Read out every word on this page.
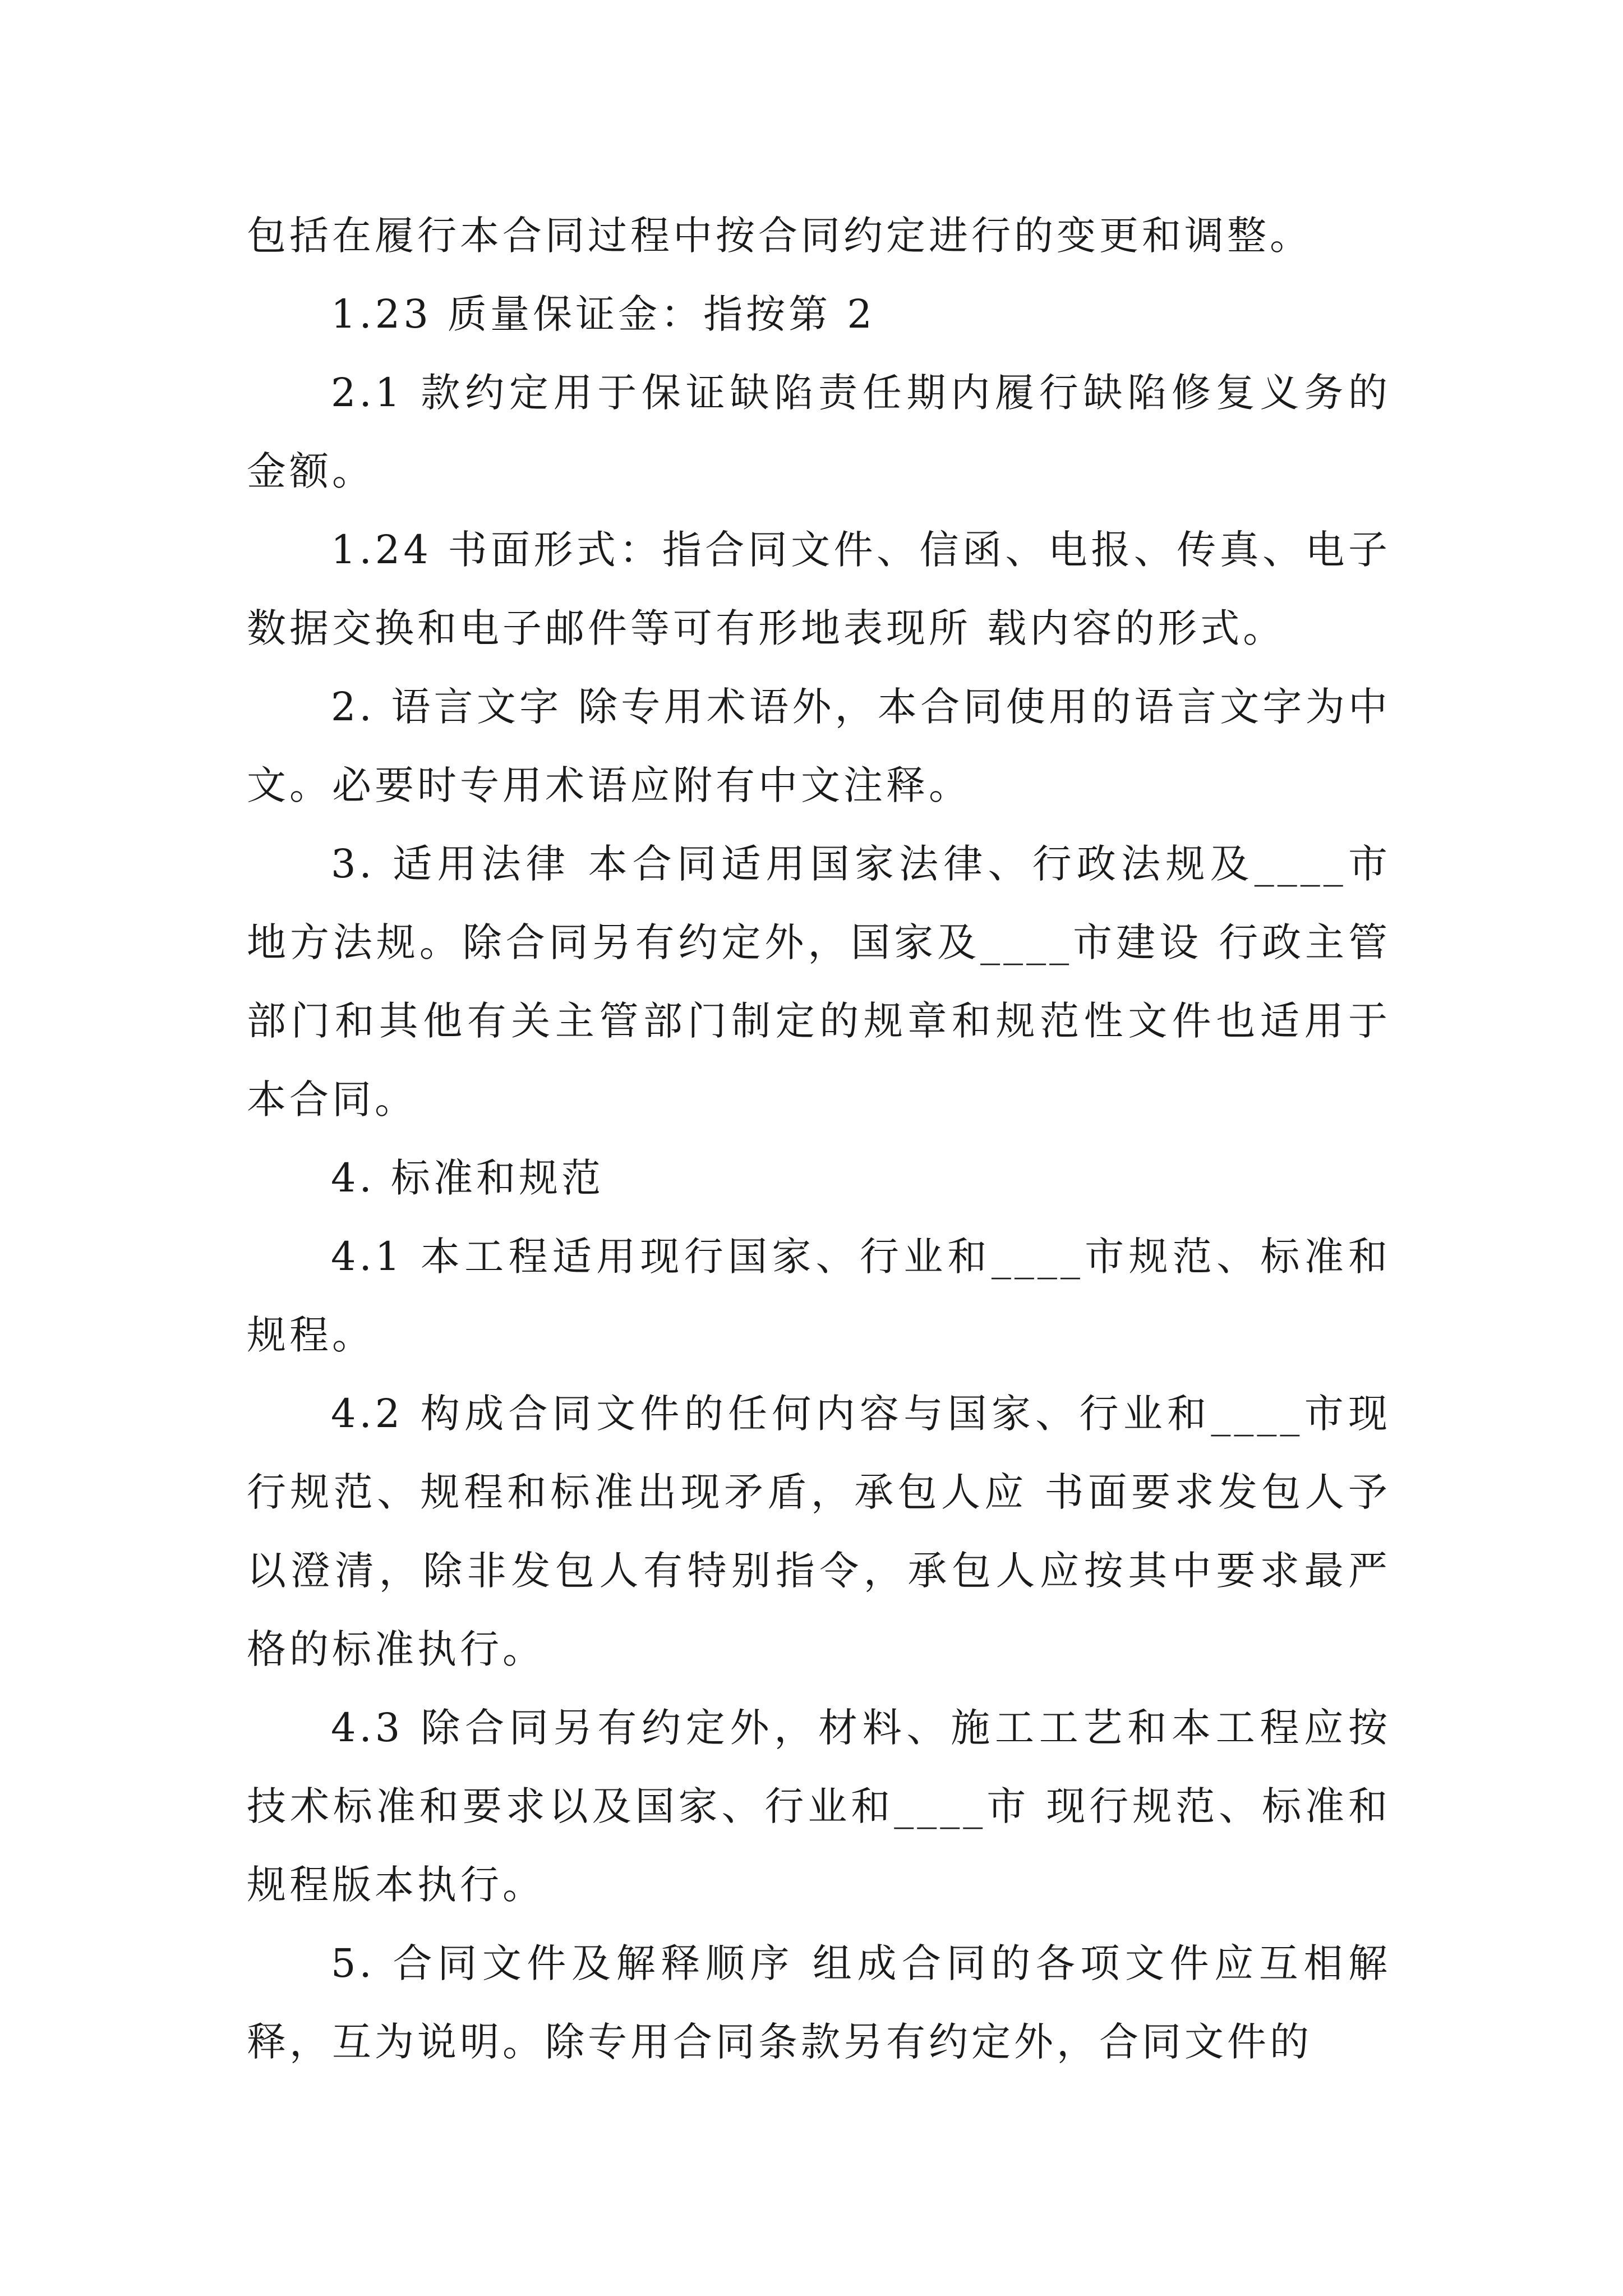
包括在履行本合同过程中按合同约定进行的变更和调整。

1.23 质量保证金：指按第 2

2.1 款约定用于保证缺陷责任期内履行缺陷修复义务的金额。

1.24 书面形式：指合同文件、信函、电报、传真、电子数据交换和电子邮件等可有形地表现所 载内容的形式。

2. 语言文字 除专用术语外，本合同使用的语言文字为中文。必要时专用术语应附有中文注释。

3. 适用法律 本合同适用国家法律、行政法规及____市地方法规。除合同另有约定外，国家及____市建设 行政主管部门和其他有关主管部门制定的规章和规范性文件也适用于本合同。

4. 标准和规范

4.1 本工程适用现行国家、行业和____市规范、标准和规程。

4.2 构成合同文件的任何内容与国家、行业和____市现行规范、规程和标准出现矛盾，承包人应 书面要求发包人予以澄清，除非发包人有特别指令，承包人应按其中要求最严格的标准执行。

4.3 除合同另有约定外，材料、施工工艺和本工程应按技术标准和要求以及国家、行业和____市 现行规范、标准和规程版本执行。

5. 合同文件及解释顺序 组成合同的各项文件应互相解释，互为说明。除专用合同条款另有约定外，合同文件的
